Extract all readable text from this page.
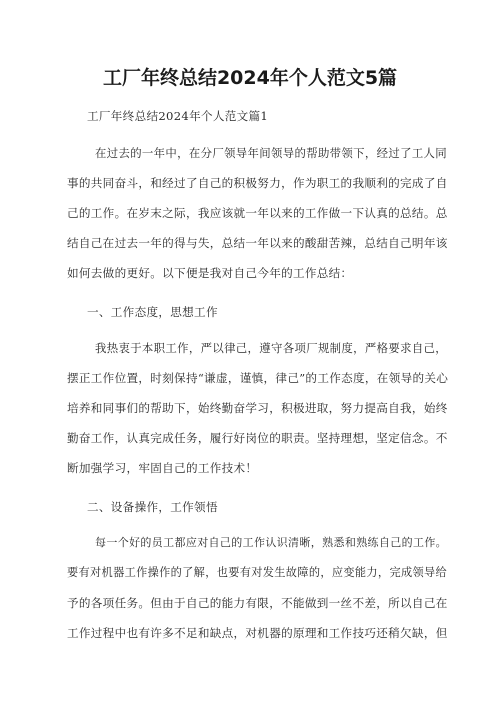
工厂年终总结2024年个人范文5篇
工厂年终总结2024年个人范文篇1
在过去的一年中，在分厂领导年间领导的帮助带领下，经过了工人同
事的共同奋斗，和经过了自己的积极努力，作为职工的我顺利的完成了自
己的工作。在岁末之际，我应该就一年以来的工作做一下认真的总结。总
结自己在过去一年的得与失，总结一年以来的酸甜苦辣，总结自己明年该
如何去做的更好。以下便是我对自己今年的工作总结：
一、工作态度，思想工作
我热衷于本职工作，严以律己，遵守各项厂规制度，严格要求自己，
摆正工作位置，时刻保持“谦虚，谨慎，律己”的工作态度，在领导的关心
培养和同事们的帮助下，始终勤奋学习，积极进取，努力提高自我，始终
勤奋工作，认真完成任务，履行好岗位的职责。坚持理想，坚定信念。不
断加强学习，牢固自己的工作技术！
二、设备操作，工作领悟
每一个好的员工都应对自己的工作认识清晰，熟悉和熟练自己的工作。
要有对机器工作操作的了解，也要有对发生故障的，应变能力，完成领导给
予的各项任务。但由于自己的能力有限，不能做到一丝不差，所以自己在
工作过程中也有许多不足和缺点，对机器的原理和工作技巧还稍欠缺，但
